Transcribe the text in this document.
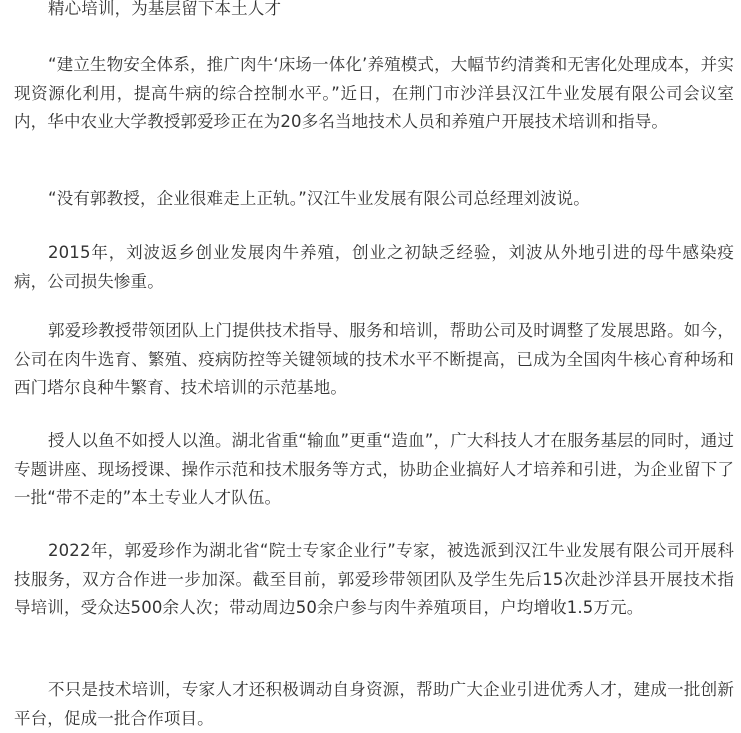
精心培训，为基层留下本土人才

“建立生物安全体系，推广肉牛‘床场一体化’养殖模式，大幅节约清粪和无害化处理成本，并实现资源化利用，提高牛病的综合控制水平。”近日，在荆门市沙洋县汉江牛业发展有限公司会议室内，华中农业大学教授郭爱珍正在为20多名当地技术人员和养殖户开展技术培训和指导。

“没有郭教授，企业很难走上正轨。”汉江牛业发展有限公司总经理刘波说。

2015年，刘波返乡创业发展肉牛养殖，创业之初缺乏经验，刘波从外地引进的母牛感染疫病，公司损失惨重。

郭爱珍教授带领团队上门提供技术指导、服务和培训，帮助公司及时调整了发展思路。如今，公司在肉牛选育、繁殖、疫病防控等关键领域的技术水平不断提高，已成为全国肉牛核心育种场和西门塔尔良种牛繁育、技术培训的示范基地。

授人以鱼不如授人以渔。湖北省重“输血”更重“造血”，广大科技人才在服务基层的同时，通过专题讲座、现场授课、操作示范和技术服务等方式，协助企业搞好人才培养和引进，为企业留下了一批“带不走的”本土专业人才队伍。

2022年，郭爱珍作为湖北省“院士专家企业行”专家，被选派到汉江牛业发展有限公司开展科技服务，双方合作进一步加深。截至目前，郭爱珍带领团队及学生先后15次赴沙洋县开展技术指导培训，受众达500余人次；带动周边50余户参与肉牛养殖项目，户均增收1.5万元。

不只是技术培训，专家人才还积极调动自身资源，帮助广大企业引进优秀人才，建成一批创新平台，促成一批合作项目。
